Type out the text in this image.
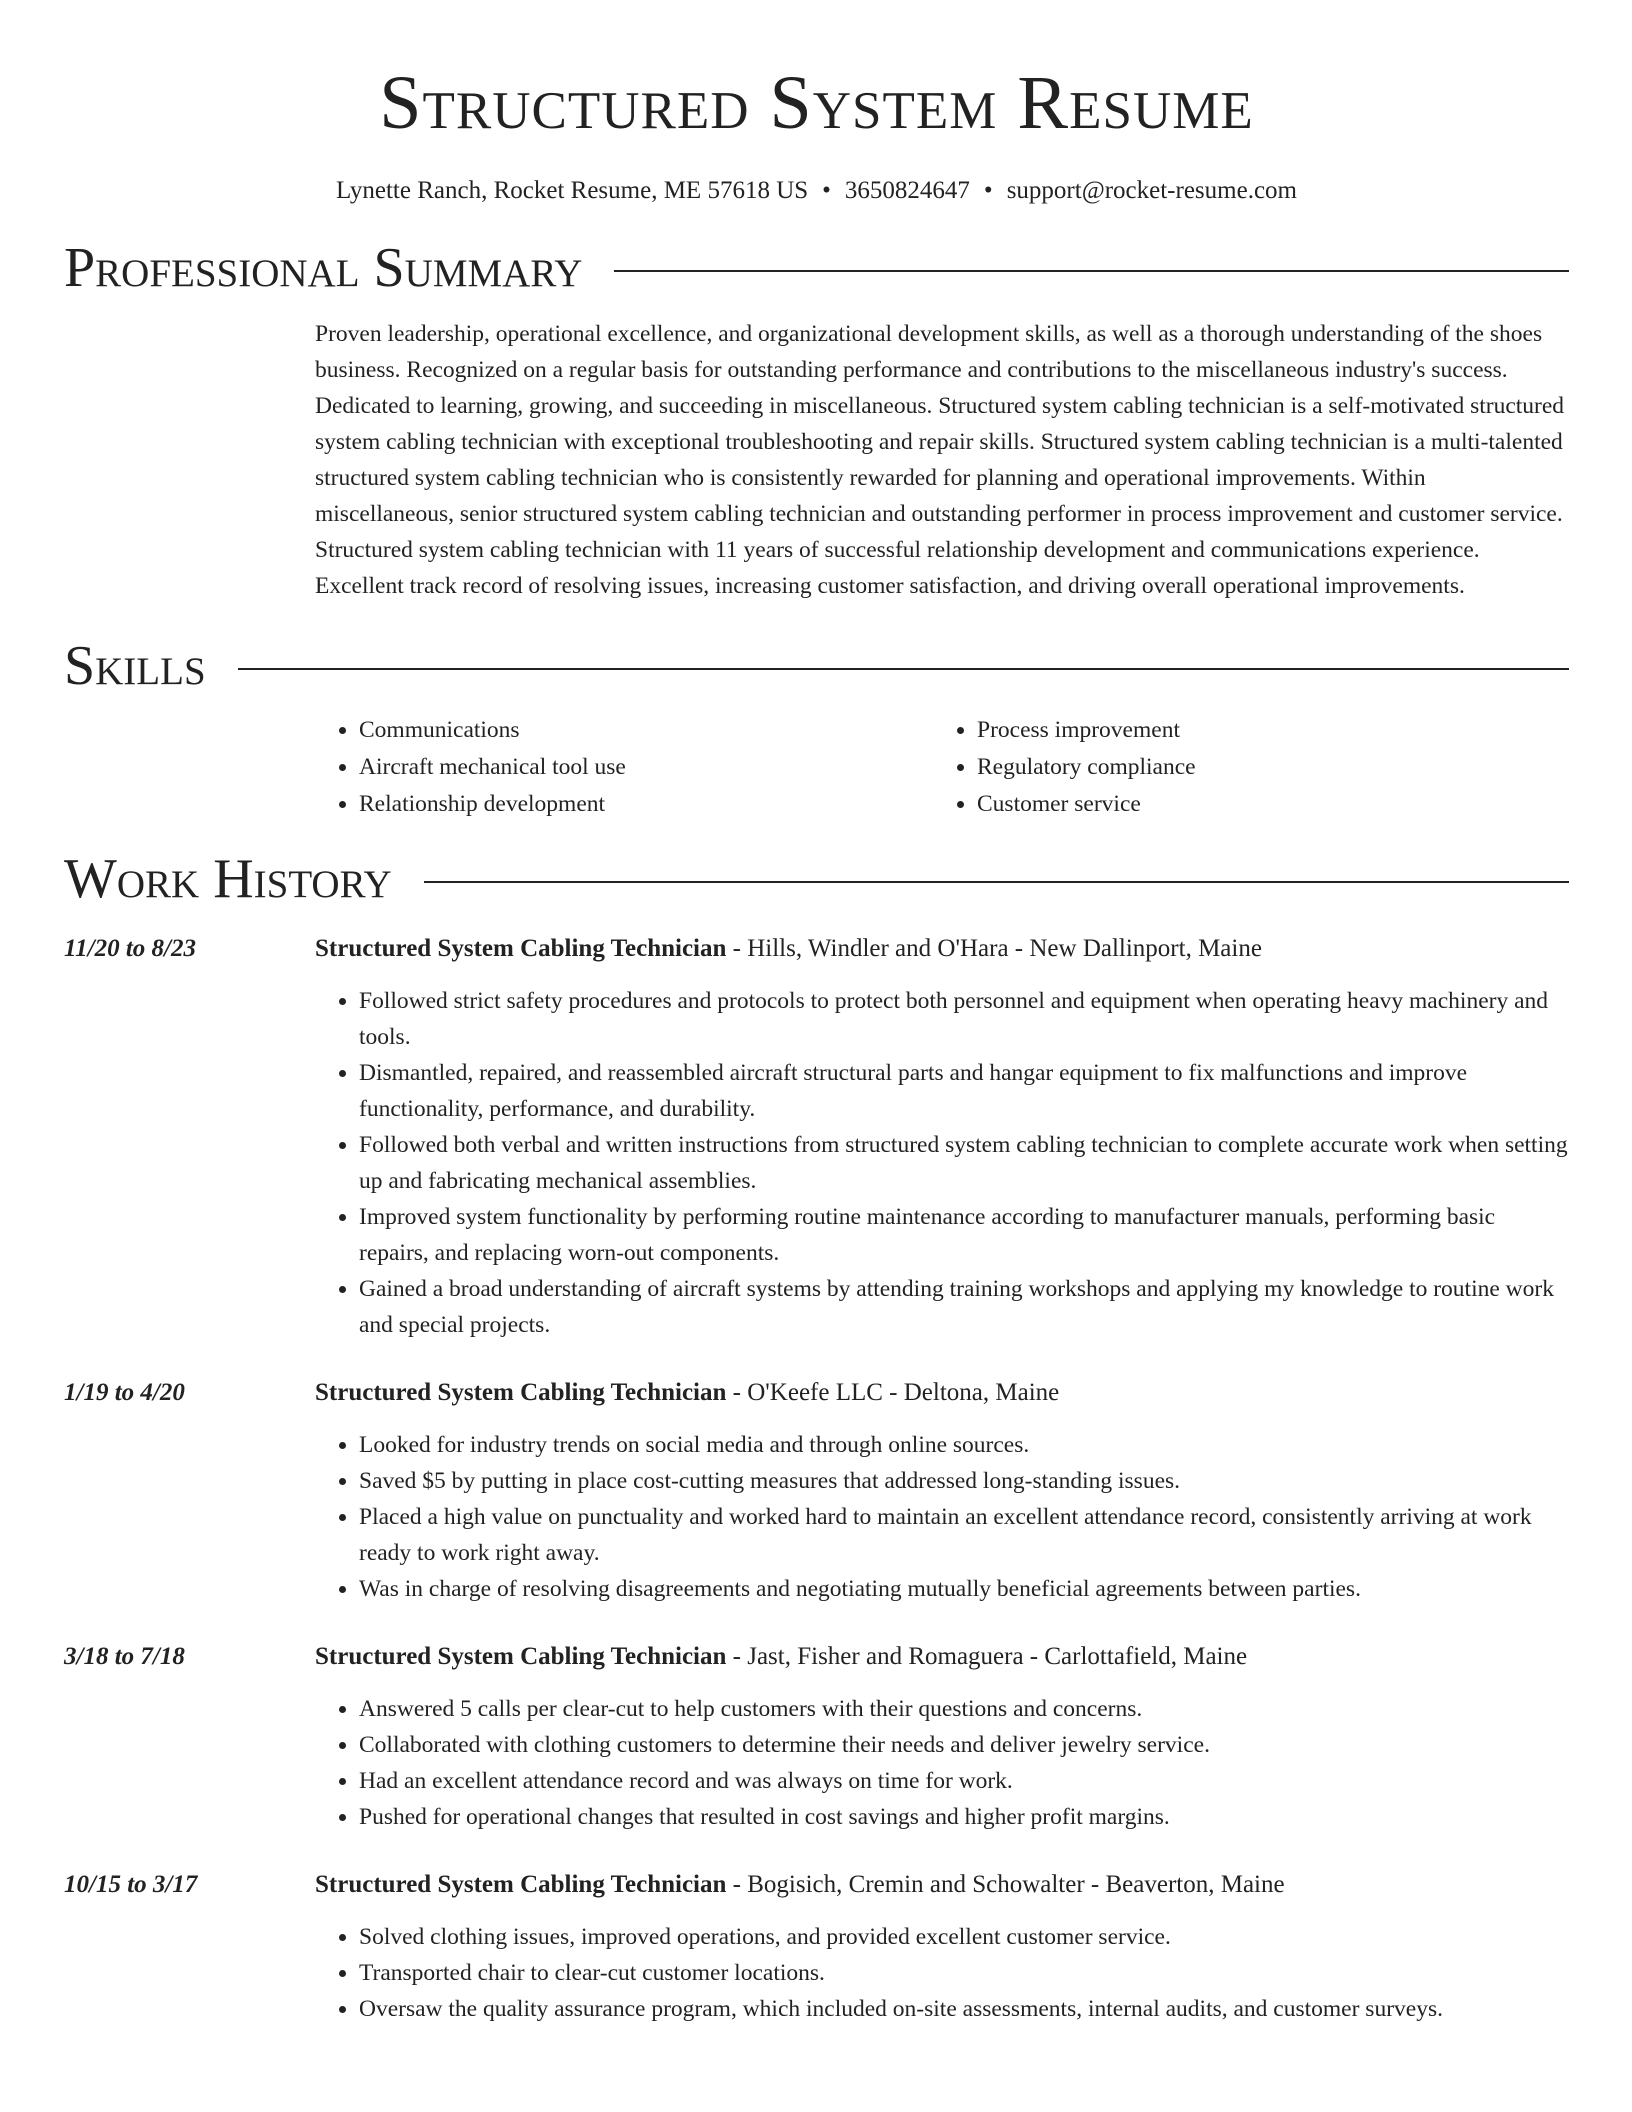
Structured System Resume
Lynette Ranch, Rocket Resume, ME 57618 US • 3650824647 • support@rocket-resume.com
Professional Summary
Proven leadership, operational excellence, and organizational development skills, as well as a thorough understanding of the shoes business. Recognized on a regular basis for outstanding performance and contributions to the miscellaneous industry's success. Dedicated to learning, growing, and succeeding in miscellaneous. Structured system cabling technician is a self-motivated structured system cabling technician with exceptional troubleshooting and repair skills. Structured system cabling technician is a multi-talented structured system cabling technician who is consistently rewarded for planning and operational improvements. Within miscellaneous, senior structured system cabling technician and outstanding performer in process improvement and customer service. Structured system cabling technician with 11 years of successful relationship development and communications experience. Excellent track record of resolving issues, increasing customer satisfaction, and driving overall operational improvements.
Skills
• Communications
• Aircraft mechanical tool use
• Relationship development
• Process improvement
• Regulatory compliance
• Customer service
Work History
11/20 to 8/23	Structured System Cabling Technician - Hills, Windler and O'Hara - New Dallinport, Maine
• Followed strict safety procedures and protocols to protect both personnel and equipment when operating heavy machinery and tools.
• Dismantled, repaired, and reassembled aircraft structural parts and hangar equipment to fix malfunctions and improve functionality, performance, and durability.
• Followed both verbal and written instructions from structured system cabling technician to complete accurate work when setting up and fabricating mechanical assemblies.
• Improved system functionality by performing routine maintenance according to manufacturer manuals, performing basic repairs, and replacing worn-out components.
• Gained a broad understanding of aircraft systems by attending training workshops and applying my knowledge to routine work and special projects.
1/19 to 4/20	Structured System Cabling Technician - O'Keefe LLC - Deltona, Maine
• Looked for industry trends on social media and through online sources.
• Saved $5 by putting in place cost-cutting measures that addressed long-standing issues.
• Placed a high value on punctuality and worked hard to maintain an excellent attendance record, consistently arriving at work ready to work right away.
• Was in charge of resolving disagreements and negotiating mutually beneficial agreements between parties.
3/18 to 7/18	Structured System Cabling Technician - Jast, Fisher and Romaguera - Carlottafield, Maine
• Answered 5 calls per clear-cut to help customers with their questions and concerns.
• Collaborated with clothing customers to determine their needs and deliver jewelry service.
• Had an excellent attendance record and was always on time for work.
• Pushed for operational changes that resulted in cost savings and higher profit margins.
10/15 to 3/17	Structured System Cabling Technician - Bogisich, Cremin and Schowalter - Beaverton, Maine
• Solved clothing issues, improved operations, and provided excellent customer service.
• Transported chair to clear-cut customer locations.
• Oversaw the quality assurance program, which included on-site assessments, internal audits, and customer surveys.
